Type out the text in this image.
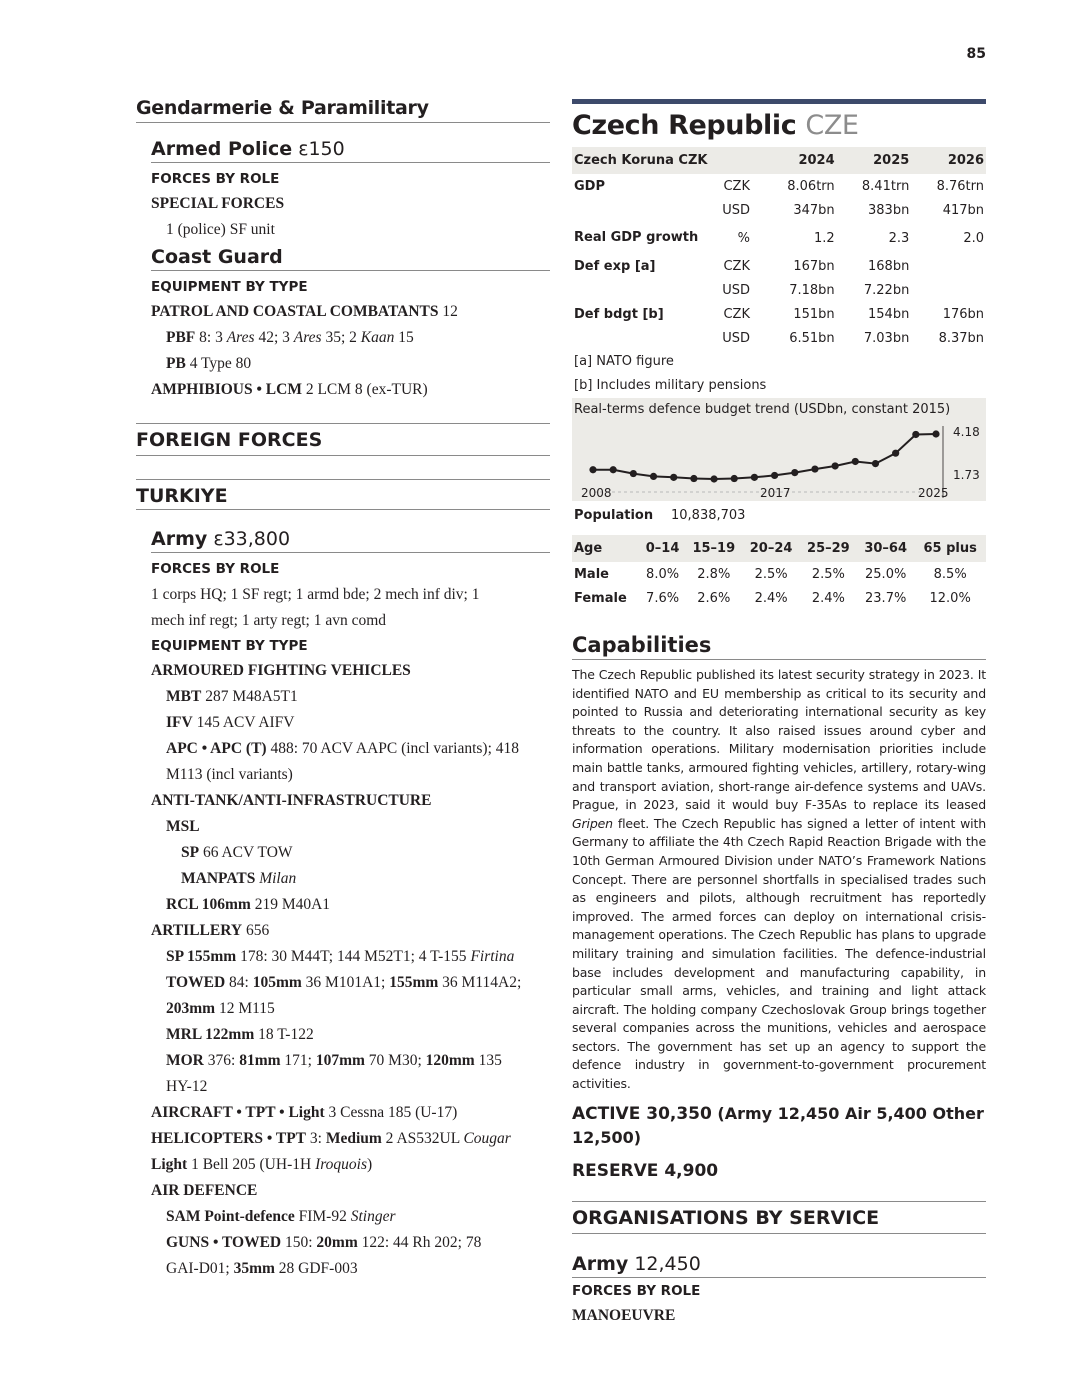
85
Gendarmerie & Paramilitary
Armed Police ε150
FORCES BY ROLE
SPECIAL FORCES
1 (police) SF unit
Coast Guard
EQUIPMENT BY TYPE
PATROL AND COASTAL COMBATANTS 12
PBF 8: 3 Ares 42; 3 Ares 35; 2 Kaan 15
PB 4 Type 80
AMPHIBIOUS • LCM 2 LCM 8 (ex-TUR)
FOREIGN FORCES
TURKIYE
Army ε33,800
FORCES BY ROLE
1 corps HQ; 1 SF regt; 1 armd bde; 2 mech inf div; 1
mech inf regt; 1 arty regt; 1 avn comd
EQUIPMENT BY TYPE
ARMOURED FIGHTING VEHICLES
MBT 287 M48A5T1
IFV 145 ACV AIFV
APC • APC (T) 488: 70 ACV AAPC (incl variants); 418
M113 (incl variants)
ANTI-TANK/ANTI-INFRASTRUCTURE
MSL
SP 66 ACV TOW
MANPATS Milan
RCL 106mm 219 M40A1
ARTILLERY 656
SP 155mm 178: 30 M44T; 144 M52T1; 4 T-155 Firtina
TOWED 84: 105mm 36 M101A1; 155mm 36 M114A2;
203mm 12 M115
MRL 122mm 18 T-122
MOR 376: 81mm 171; 107mm 70 M30; 120mm 135
HY-12
AIRCRAFT • TPT • Light 3 Cessna 185 (U-17)
HELICOPTERS • TPT 3: Medium 2 AS532UL Cougar
Light 1 Bell 205 (UH-1H Iroquois)
AIR DEFENCE
SAM Point-defence FIM-92 Stinger
GUNS • TOWED 150: 20mm 122: 44 Rh 202; 78
GAI-D01; 35mm 28 GDF-003
Czech Republic CZE
Czech Koruna CZK		2024	2025	2026
GDP	CZK	8.06trn	8.41trn	8.76trn
	USD	347bn	383bn	417bn
Real GDP growth	%	1.2	2.3	2.0
Def exp [a]	CZK	167bn	168bn	
	USD	7.18bn	7.22bn	
Def bdgt [b]	CZK	151bn	154bn	176bn
	USD	6.51bn	7.03bn	8.37bn
[a] NATO figure
[b] Includes military pensions
Real-terms defence budget trend (USDbn, constant 2015)
4.18
1.73
2008	2017	2025
Population 10,838,703
Age	0–14	15–19	20–24	25–29	30–64	65 plus
Male	8.0%	2.8%	2.5%	2.5%	25.0%	8.5%
Female	7.6%	2.6%	2.4%	2.4%	23.7%	12.0%
Capabilities
The Czech Republic published its latest security strategy in 2023. It identified NATO and EU membership as critical to its security and pointed to Russia and deteriorating international security as key threats to the country. It also raised issues around cyber and information operations. Military modernisation priorities include main battle tanks, armoured fighting vehicles, artillery, rotary-wing and transport aviation, short-range air-defence systems and UAVs. Prague, in 2023, said it would buy F-35As to replace its leased Gripen fleet. The Czech Republic has signed a letter of intent with Germany to affiliate the 4th Czech Rapid Reaction Brigade with the 10th German Armoured Division under NATO’s Framework Nations Concept. There are personnel shortfalls in specialised trades such as engineers and pilots, although recruitment has reportedly improved. The armed forces can deploy on international crisis-management operations. The Czech Republic has plans to upgrade military training and simulation facilities. The defence-industrial base includes development and manufacturing capability, in particular small arms, vehicles, and training and light attack aircraft. The holding company Czechoslovak Group brings together several companies across the munitions, vehicles and aerospace sectors. The government has set up an agency to support the defence industry in government-to-government procurement activities.
ACTIVE 30,350 (Army 12,450 Air 5,400 Other 12,500)
RESERVE 4,900
ORGANISATIONS BY SERVICE
Army 12,450
FORCES BY ROLE
MANOEUVRE
